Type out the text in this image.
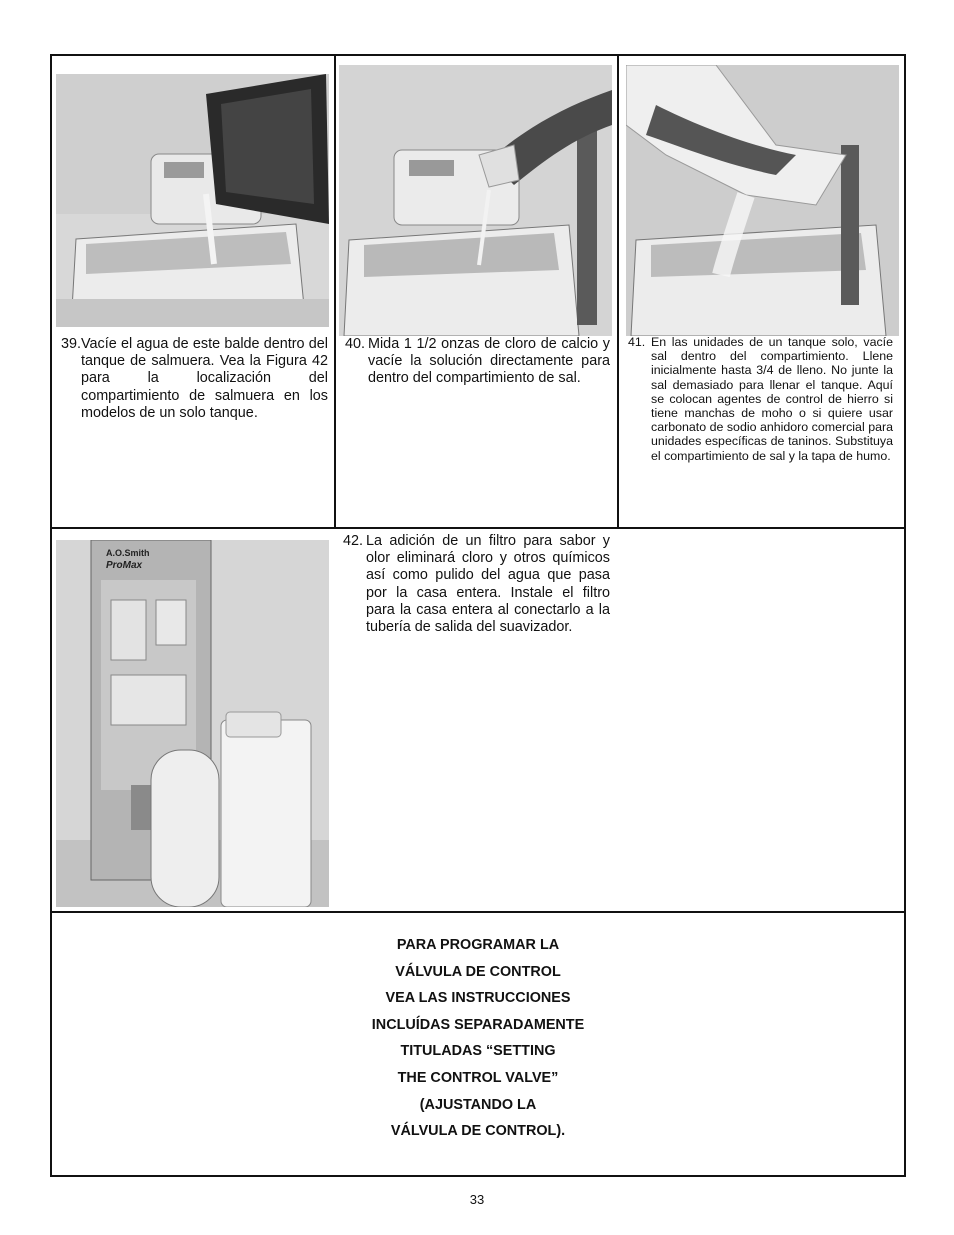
A.O.Smith
ProMax
39. Vacíe el agua de este balde dentro del tanque de salmuera. Vea la Figura 42 para la localización del compartimiento de salmuera en los modelos de un solo tanque.
40. Mida 1 1/2 onzas de cloro de calcio y vacíe la solución directamente para dentro del compartimiento de sal.
41. En las unidades de un tanque solo, vacíe sal dentro del compartimiento. Llene inicialmente hasta 3/4 de lleno. No junte la sal demasiado para llenar el tanque. Aquí se colocan agentes de control de hierro si tiene manchas de moho o si quiere usar carbonato de sodio anhidoro comercial para unidades específicas de taninos. Substituya el compartimiento de sal y la tapa de humo.
42. La adición de un filtro para sabor y olor eliminará cloro y otros químicos así como pulido del agua que pasa por la casa entera. Instale el filtro para la casa entera al conectarlo a la tubería de salida del suavizador.
PARA PROGRAMAR LA
VÁLVULA DE CONTROL
VEA LAS INSTRUCCIONES
INCLUÍDAS SEPARADAMENTE
TITULADAS “SETTING
THE CONTROL VALVE”
(AJUSTANDO LA
VÁLVULA DE CONTROL).
33
